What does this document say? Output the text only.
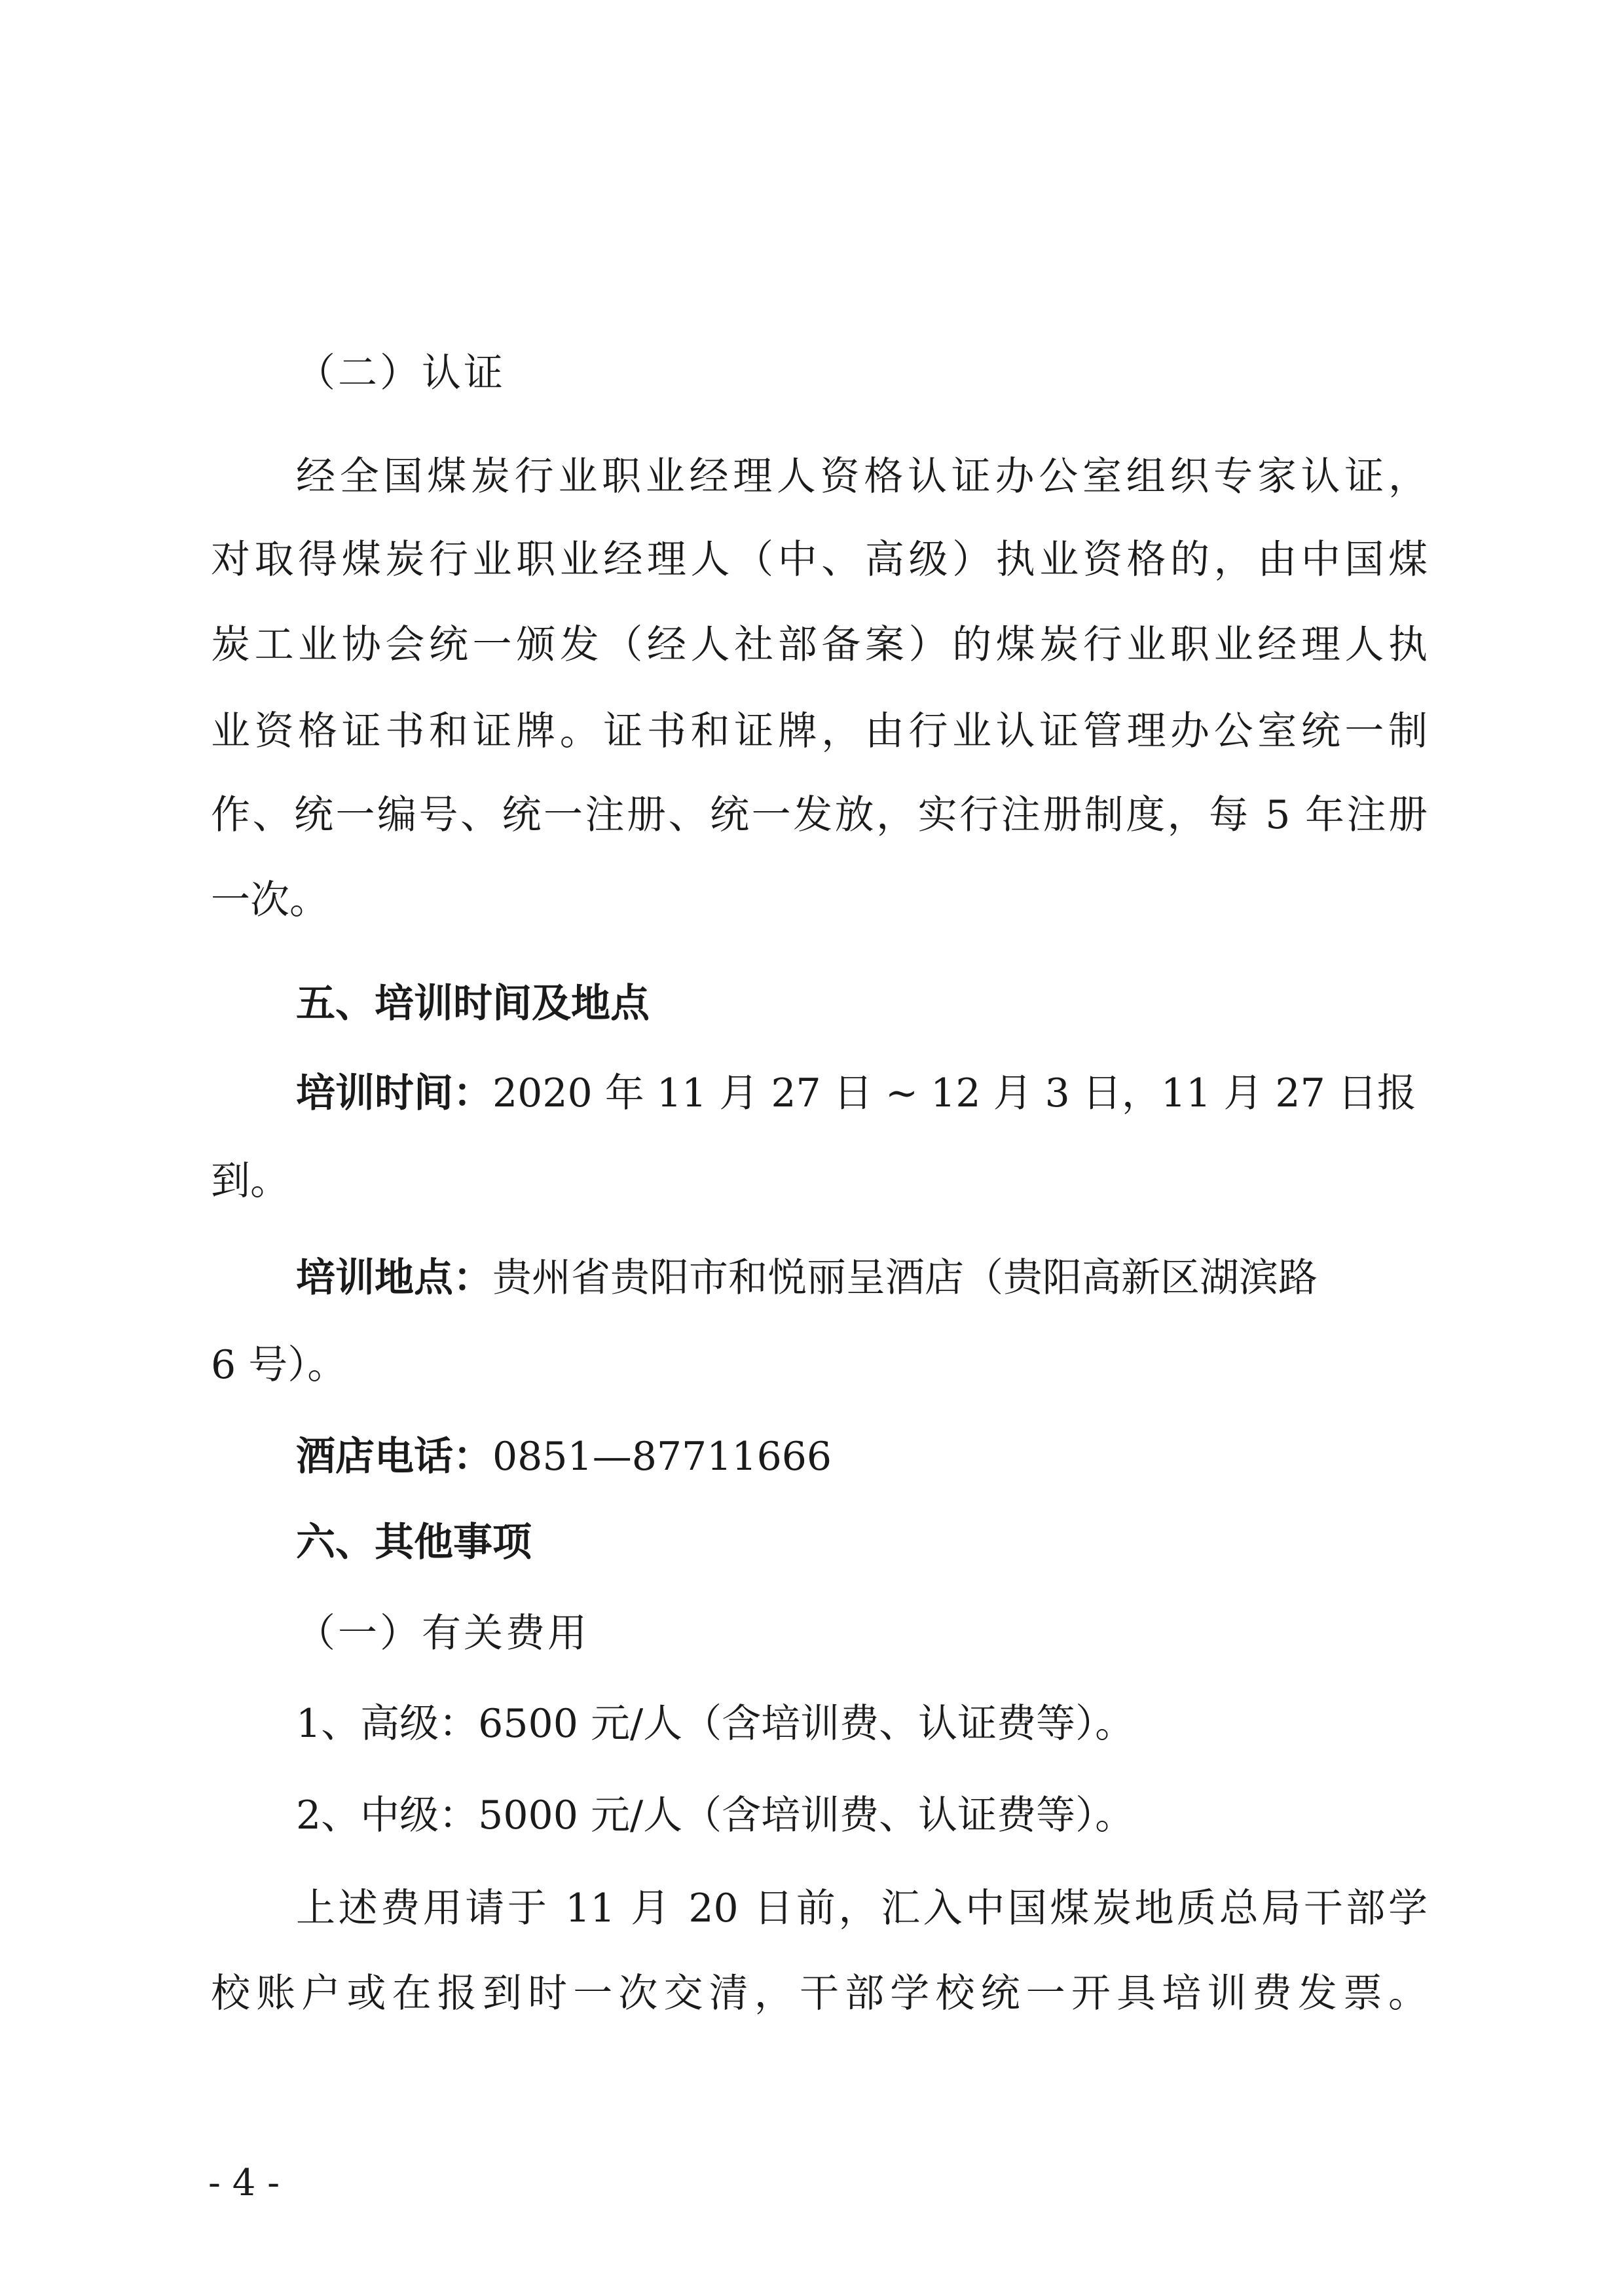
（二）认证
经全国煤炭行业职业经理人资格认证办公室组织专家认证，
对取得煤炭行业职业经理人（中、高级）执业资格的，由中国煤
炭工业协会统一颁发（经人社部备案）的煤炭行业职业经理人执
业资格证书和证牌。证书和证牌，由行业认证管理办公室统一制
作、统一编号、统一注册、统一发放，实行注册制度，每 5 年注册
一次。
五、培训时间及地点
培训时间：2020 年 11 月 27 日 ~ 12 月 3 日，11 月 27 日报
到。
培训地点：贵州省贵阳市和悦丽呈酒店（贵阳高新区湖滨路
6 号）。
酒店电话：0851—87711666
六、其他事项
（一）有关费用
1、高级：6500 元/人（含培训费、认证费等）。
2、中级：5000 元/人（含培训费、认证费等）。
上述费用请于 11 月 20 日前，汇入中国煤炭地质总局干部学
校账户或在报到时一次交清，干部学校统一开具培训费发票。
- 4 -
